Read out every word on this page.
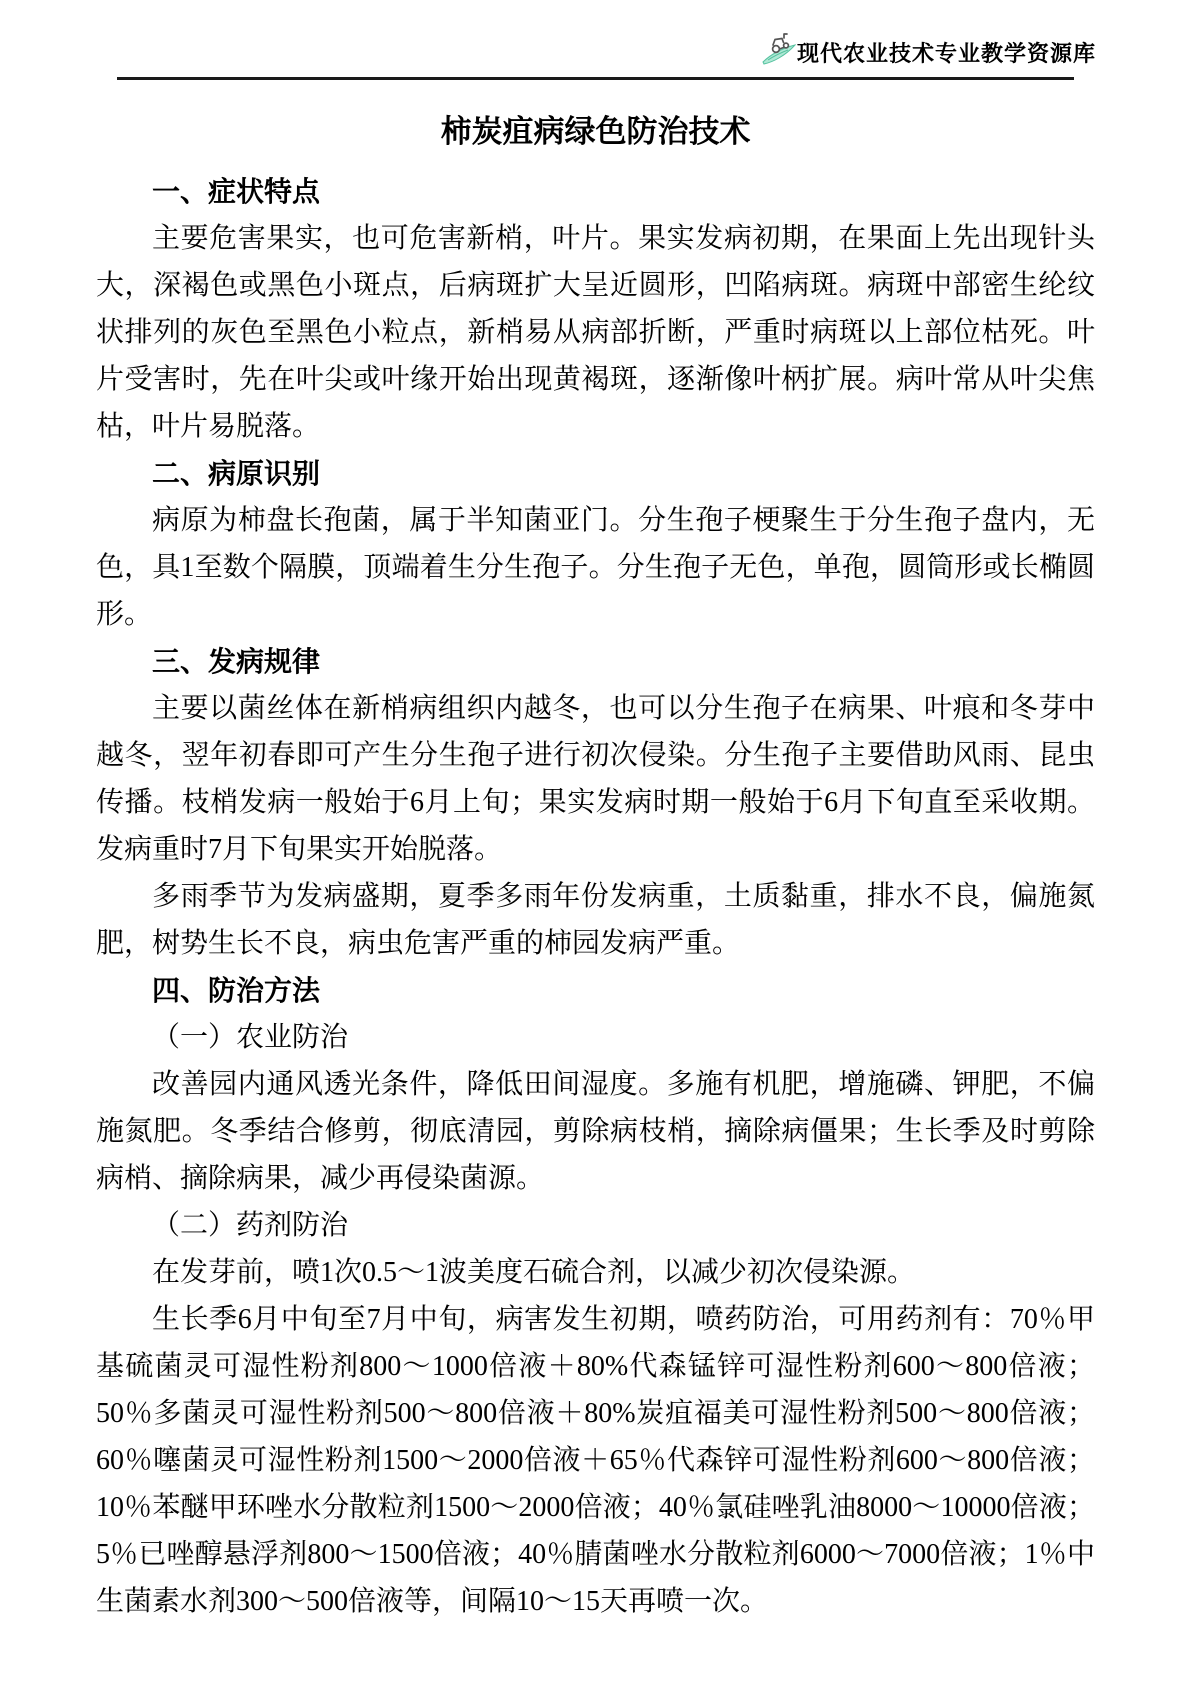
现代农业技术专业教学资源库
柿炭疽病绿色防治技术
一、症状特点

主要危害果实，也可危害新梢，叶片。果实发病初期，在果面上先出现针头大，深褐色或黑色小斑点，后病斑扩大呈近圆形，凹陷病斑。病斑中部密生纶纹状排列的灰色至黑色小粒点，新梢易从病部折断，严重时病斑以上部位枯死。叶片受害时，先在叶尖或叶缘开始出现黄褐斑，逐渐像叶柄扩展。病叶常从叶尖焦枯，叶片易脱落。

二、病原识别

病原为柿盘长孢菌，属于半知菌亚门。分生孢子梗聚生于分生孢子盘内，无色，具1至数个隔膜，顶端着生分生孢子。分生孢子无色，单孢，圆筒形或长椭圆形。

三、发病规律

主要以菌丝体在新梢病组织内越冬，也可以分生孢子在病果、叶痕和冬芽中越冬，翌年初春即可产生分生孢子进行初次侵染。分生孢子主要借助风雨、昆虫传播。枝梢发病一般始于6月上旬；果实发病时期一般始于6月下旬直至采收期。发病重时7月下旬果实开始脱落。

多雨季节为发病盛期，夏季多雨年份发病重，土质黏重，排水不良，偏施氮肥，树势生长不良，病虫危害严重的柿园发病严重。

四、防治方法

（一）农业防治

改善园内通风透光条件，降低田间湿度。多施有机肥，增施磷、钾肥，不偏施氮肥。冬季结合修剪，彻底清园，剪除病枝梢，摘除病僵果；生长季及时剪除病梢、摘除病果，减少再侵染菌源。

（二）药剂防治

在发芽前，喷1次0.5～1波美度石硫合剂，以减少初次侵染源。

生长季6月中旬至7月中旬，病害发生初期，喷药防治，可用药剂有：70％甲基硫菌灵可湿性粉剂800～1000倍液＋80%代森锰锌可湿性粉剂600～800倍液；50％多菌灵可湿性粉剂500～800倍液＋80%炭疽福美可湿性粉剂500～800倍液；60％噻菌灵可湿性粉剂1500～2000倍液＋65％代森锌可湿性粉剂600～800倍液；10％苯醚甲环唑水分散粒剂1500～2000倍液；40％氯硅唑乳油8000～10000倍液；5％已唑醇悬浮剂800～1500倍液；40％腈菌唑水分散粒剂6000～7000倍液；1％中生菌素水剂300～500倍液等，间隔10～15天再喷一次。
